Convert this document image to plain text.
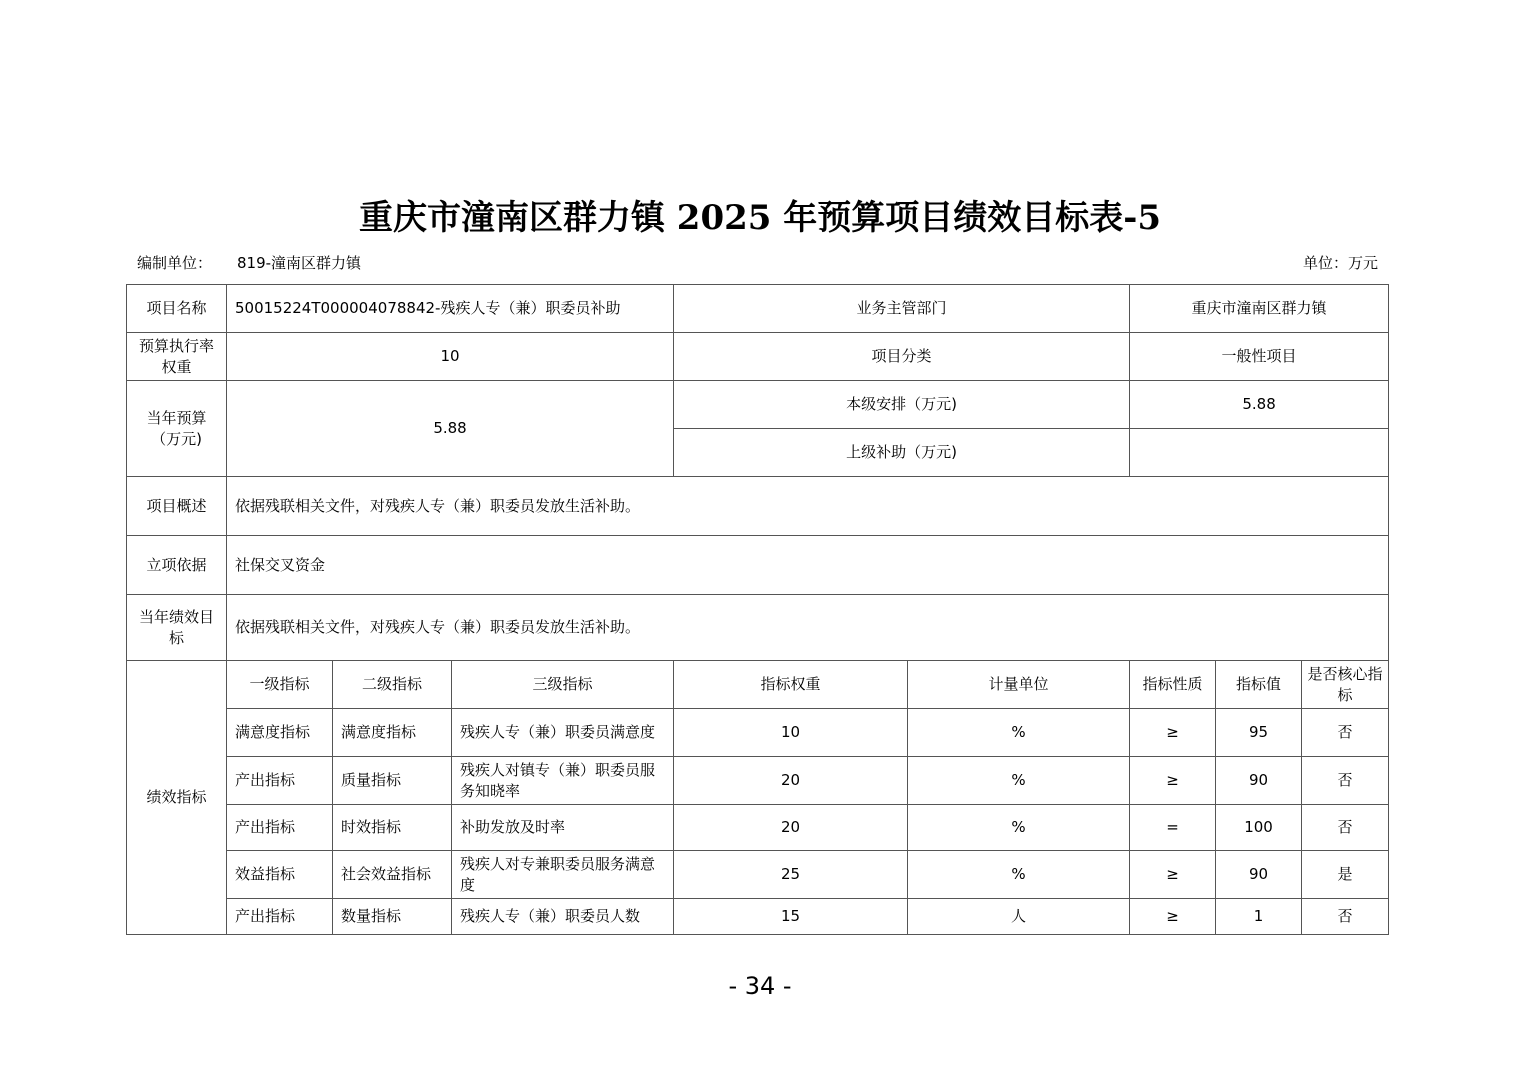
重庆市潼南区群力镇 2025 年预算项目绩效目标表-5
编制单位： 819-潼南区群力镇	单位：万元
项目名称	50015224T000004078842-残疾人专（兼）职委员补助			业务主管部门		重庆市潼南区群力镇		
预算执行率权重	10			项目分类		一般性项目		
当年预算（万元)	5.88			本级安排（万元)		5.88		
				上级补助（万元)				
项目概述	依据残联相关文件，对残疾人专（兼）职委员发放生活补助。							
立项依据	社保交叉资金							
当年绩效目标	依据残联相关文件，对残疾人专（兼）职委员发放生活补助。							
绩效指标	一级指标	二级指标	三级指标	指标权重	计量单位	指标性质	指标值	是否核心指标
	满意度指标	满意度指标	残疾人专（兼）职委员满意度	10	%	≥	95	否
	产出指标	质量指标	残疾人对镇专（兼）职委员服务知晓率	20	%	≥	90	否
	产出指标	时效指标	补助发放及时率	20	%	=	100	否
	效益指标	社会效益指标	残疾人对专兼职委员服务满意度	25	%	≥	90	是
	产出指标	数量指标	残疾人专（兼）职委员人数	15	人	≥	1	否
- 34 -
